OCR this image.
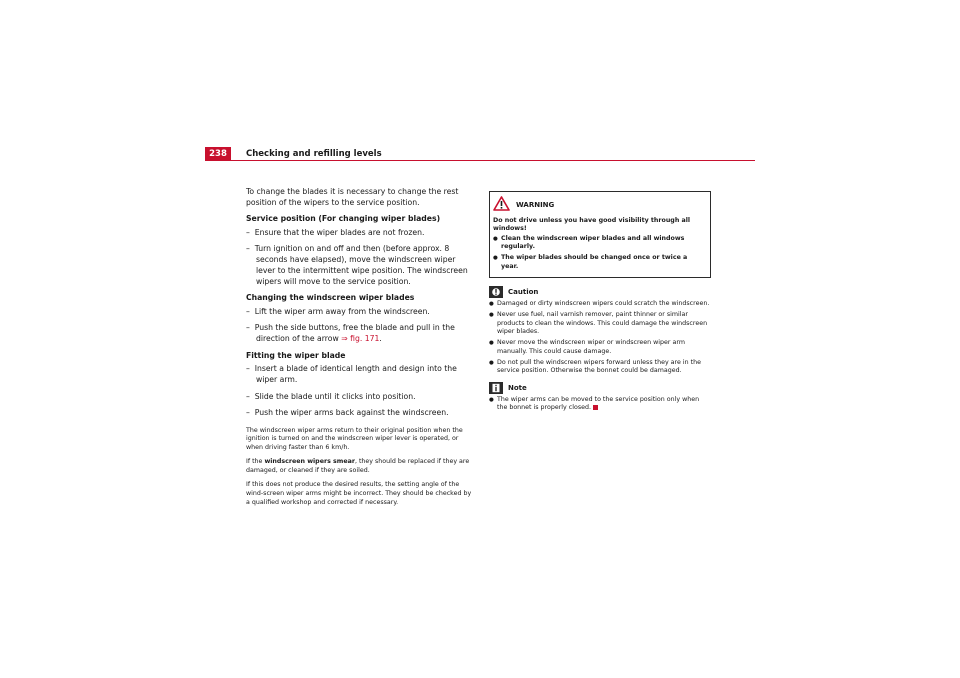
238	Checking and refilling levels

To change the blades it is necessary to change the rest position of the wipers to the service position.

Service position (For changing wiper blades)

– Ensure that the wiper blades are not frozen.

– Turn ignition on and off and then (before approx. 8 seconds have elapsed), move the windscreen wiper lever to the intermittent wipe position. The windscreen wipers will move to the service position.

Changing the windscreen wiper blades

– Lift the wiper arm away from the windscreen.

– Push the side buttons, free the blade and pull in the direction of the arrow ⇒ fig. 171.

Fitting the wiper blade

– Insert a blade of identical length and design into the wiper arm.

– Slide the blade until it clicks into position.

– Push the wiper arms back against the windscreen.

The windscreen wiper arms return to their original position when the ignition is turned on and the windscreen wiper lever is operated, or when driving faster than 6 km/h.

If the windscreen wipers smear, they should be replaced if they are damaged, or cleaned if they are soiled.

If this does not produce the desired results, the setting angle of the wind-screen wiper arms might be incorrect. They should be checked by a qualified workshop and corrected if necessary.

WARNING

Do not drive unless you have good visibility through all windows!

● Clean the windscreen wiper blades and all windows regularly.
● The wiper blades should be changed once or twice a year.
Caution
● Damaged or dirty windscreen wipers could scratch the windscreen.
● Never use fuel, nail varnish remover, paint thinner or similar products to clean the windows. This could damage the windscreen wiper blades.
● Never move the windscreen wiper or windscreen wiper arm manually. This could cause damage.
● Do not pull the windscreen wipers forward unless they are in the service position. Otherwise the bonnet could be damaged.
Note
● The wiper arms can be moved to the service position only when the bonnet is properly closed.
